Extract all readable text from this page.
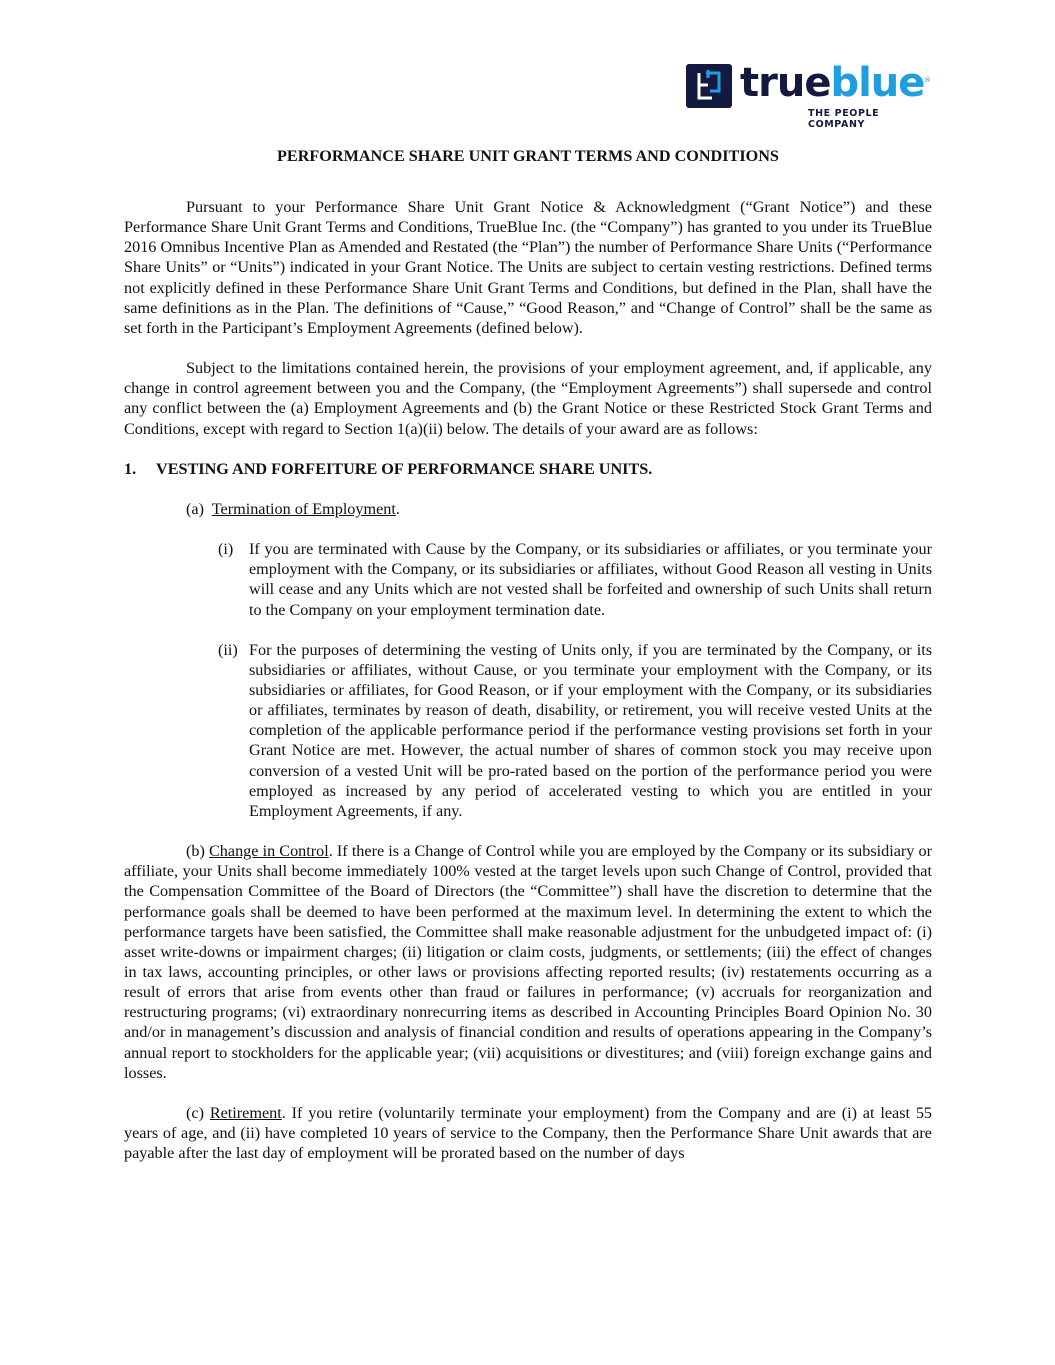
trueblue ®
THE PEOPLE COMPANY
PERFORMANCE SHARE UNIT GRANT TERMS AND CONDITIONS

Pursuant to your Performance Share Unit Grant Notice & Acknowledgment (“Grant Notice”) and these Performance Share Unit Grant Terms and Conditions, TrueBlue Inc. (the “Company”) has granted to you under its TrueBlue 2016 Omnibus Incentive Plan as Amended and Restated (the “Plan”) the number of Performance Share Units (“Performance Share Units” or “Units”) indicated in your Grant Notice. The Units are subject to certain vesting restrictions. Defined terms not explicitly defined in these Performance Share Unit Grant Terms and Conditions, but defined in the Plan, shall have the same definitions as in the Plan. The definitions of “Cause,” “Good Reason,” and “Change of Control” shall be the same as set forth in the Participant’s Employment Agreements (defined below).

Subject to the limitations contained herein, the provisions of your employment agreement, and, if applicable, any change in control agreement between you and the Company, (the “Employment Agreements”) shall supersede and control any conflict between the (a) Employment Agreements and (b) the Grant Notice or these Restricted Stock Grant Terms and Conditions, except with regard to Section 1(a)(ii) below. The details of your award are as follows:

1.	VESTING AND FORFEITURE OF PERFORMANCE SHARE UNITS.
(a) Termination of Employment.
(i) If you are terminated with Cause by the Company, or its subsidiaries or affiliates, or you terminate your employment with the Company, or its subsidiaries or affiliates, without Good Reason all vesting in Units will cease and any Units which are not vested shall be forfeited and ownership of such Units shall return to the Company on your employment termination date.
(ii) For the purposes of determining the vesting of Units only, if you are terminated by the Company, or its subsidiaries or affiliates, without Cause, or you terminate your employment with the Company, or its subsidiaries or affiliates, for Good Reason, or if your employment with the Company, or its subsidiaries or affiliates, terminates by reason of death, disability, or retirement, you will receive vested Units at the completion of the applicable performance period if the performance vesting provisions set forth in your Grant Notice are met. However, the actual number of shares of common stock you may receive upon conversion of a vested Unit will be pro-rated based on the portion of the performance period you were employed as increased by any period of accelerated vesting to which you are entitled in your Employment Agreements, if any.

(b) Change in Control. If there is a Change of Control while you are employed by the Company or its subsidiary or affiliate, your Units shall become immediately 100% vested at the target levels upon such Change of Control, provided that the Compensation Committee of the Board of Directors (the “Committee”) shall have the discretion to determine that the performance goals shall be deemed to have been performed at the maximum level. In determining the extent to which the performance targets have been satisfied, the Committee shall make reasonable adjustment for the unbudgeted impact of: (i) asset write-downs or impairment charges; (ii) litigation or claim costs, judgments, or settlements; (iii) the effect of changes in tax laws, accounting principles, or other laws or provisions affecting reported results; (iv) restatements occurring as a result of errors that arise from events other than fraud or failures in performance; (v) accruals for reorganization and restructuring programs; (vi) extraordinary nonrecurring items as described in Accounting Principles Board Opinion No. 30 and/or in management’s discussion and analysis of financial condition and results of operations appearing in the Company’s annual report to stockholders for the applicable year; (vii) acquisitions or divestitures; and (viii) foreign exchange gains and losses.

(c) Retirement. If you retire (voluntarily terminate your employment) from the Company and are (i) at least 55 years of age, and (ii) have completed 10 years of service to the Company, then the Performance Share Unit awards that are payable after the last day of employment will be prorated based on the number of days
